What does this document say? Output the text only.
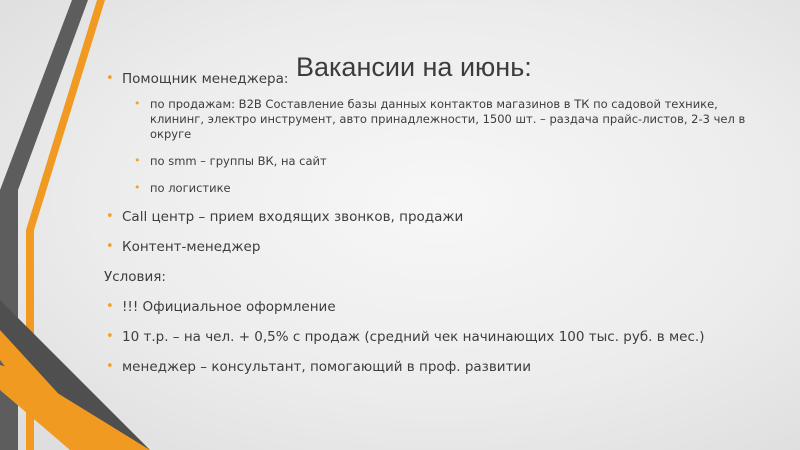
Вакансии на июнь:
• Помощник менеджера:
• по продажам: B2B Составление базы данных контактов магазинов в ТК по садовой технике, клининг, электро инструмент, авто принадлежности, 1500 шт. – раздача прайс-листов, 2-3 чел в округе
• по smm – группы ВК, на сайт
• по логистике
• Call центр – прием входящих звонков, продажи
• Контент-менеджер
Условия:
• !!! Официальное оформление
• 10 т.р. – на чел. + 0,5% с продаж (средний чек начинающих 100 тыс. руб. в мес.)
• менеджер – консультант, помогающий в проф. развитии
